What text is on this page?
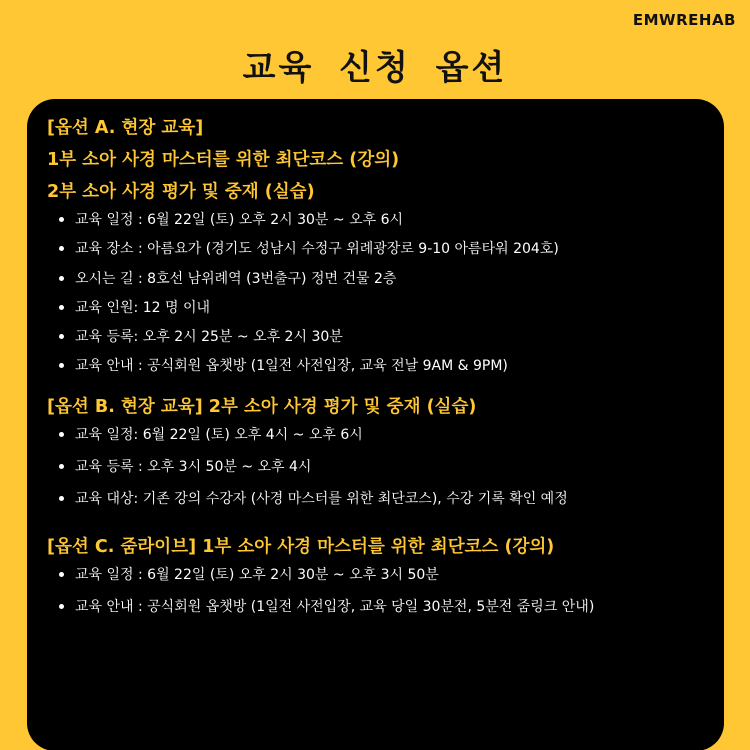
EMWREHAB
교육 신청 옵션
[옵션 A. 현장 교육]
1부 소아 사경 마스터를 위한 최단코스 (강의)
2부 소아 사경 평가 및 중재 (실습)
교육 일정 : 6월 22일 (토) 오후 2시 30분 ~ 오후 6시
교육 장소 : 아름요가 (경기도 성남시 수정구 위례광장로 9-10 아름타워 204호)
오시는 길 : 8호선 남위례역 (3번출구) 정면 건물 2층
교육 인원: 12 명 이내
교육 등록: 오후 2시 25분 ~ 오후 2시 30분
교육 안내 : 공식회원 옵챗방 (1일전 사전입장, 교육 전날 9AM & 9PM)
[옵션 B. 현장 교육] 2부 소아 사경 평가 및 중재 (실습)
교육 일정: 6월 22일 (토) 오후 4시 ~ 오후 6시
교육 등록 : 오후 3시 50분 ~ 오후 4시
교육 대상: 기존 강의 수강자 (사경 마스터를 위한 최단코스), 수강 기록 확인 예정
[옵션 C. 줌라이브] 1부 소아 사경 마스터를 위한 최단코스 (강의)
교육 일정 : 6월 22일 (토) 오후 2시 30분 ~ 오후 3시 50분
교육 안내 : 공식회원 옵챗방 (1일전 사전입장, 교육 당일 30분전, 5분전 줌링크 안내)
